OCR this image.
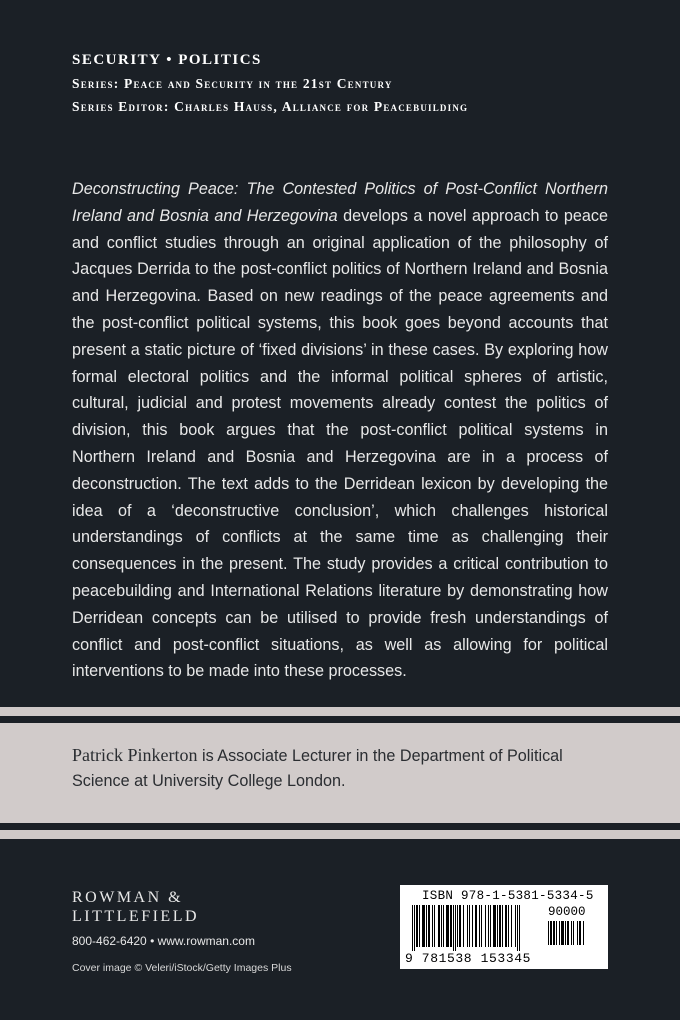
SECURITY • POLITICS
Series: Peace and Security in the 21st Century
Series Editor: Charles Hauss, Alliance for Peacebuilding
Deconstructing Peace: The Contested Politics of Post-Conflict Northern Ireland and Bosnia and Herzegovina develops a novel approach to peace and conflict studies through an original application of the philosophy of Jacques Derrida to the post-conflict politics of Northern Ireland and Bosnia and Herzegovina. Based on new readings of the peace agreements and the post-conflict political systems, this book goes beyond accounts that present a static picture of ‘fixed divisions’ in these cases. By exploring how formal electoral politics and the informal political spheres of artistic, cultural, judicial and protest movements already contest the politics of division, this book argues that the post-conflict political systems in Northern Ireland and Bosnia and Herzegovina are in a process of deconstruction. The text adds to the Derridean lexicon by developing the idea of a ‘deconstructive conclusion’, which challenges historical understandings of conflicts at the same time as challenging their consequences in the present. The study provides a critical contribution to peacebuilding and International Relations literature by demonstrating how Derridean concepts can be utilised to provide fresh understandings of conflict and post-conflict situations, as well as allowing for political interventions to be made into these processes.
Patrick Pinkerton is Associate Lecturer in the Department of Political Science at University College London.
ROWMAN &
LITTLEFIELD
800-462-6420 • www.rowman.com
Cover image © Veleri/iStock/Getty Images Plus
ISBN 978-1-5381-5334-5
90000
9 781538 153345
